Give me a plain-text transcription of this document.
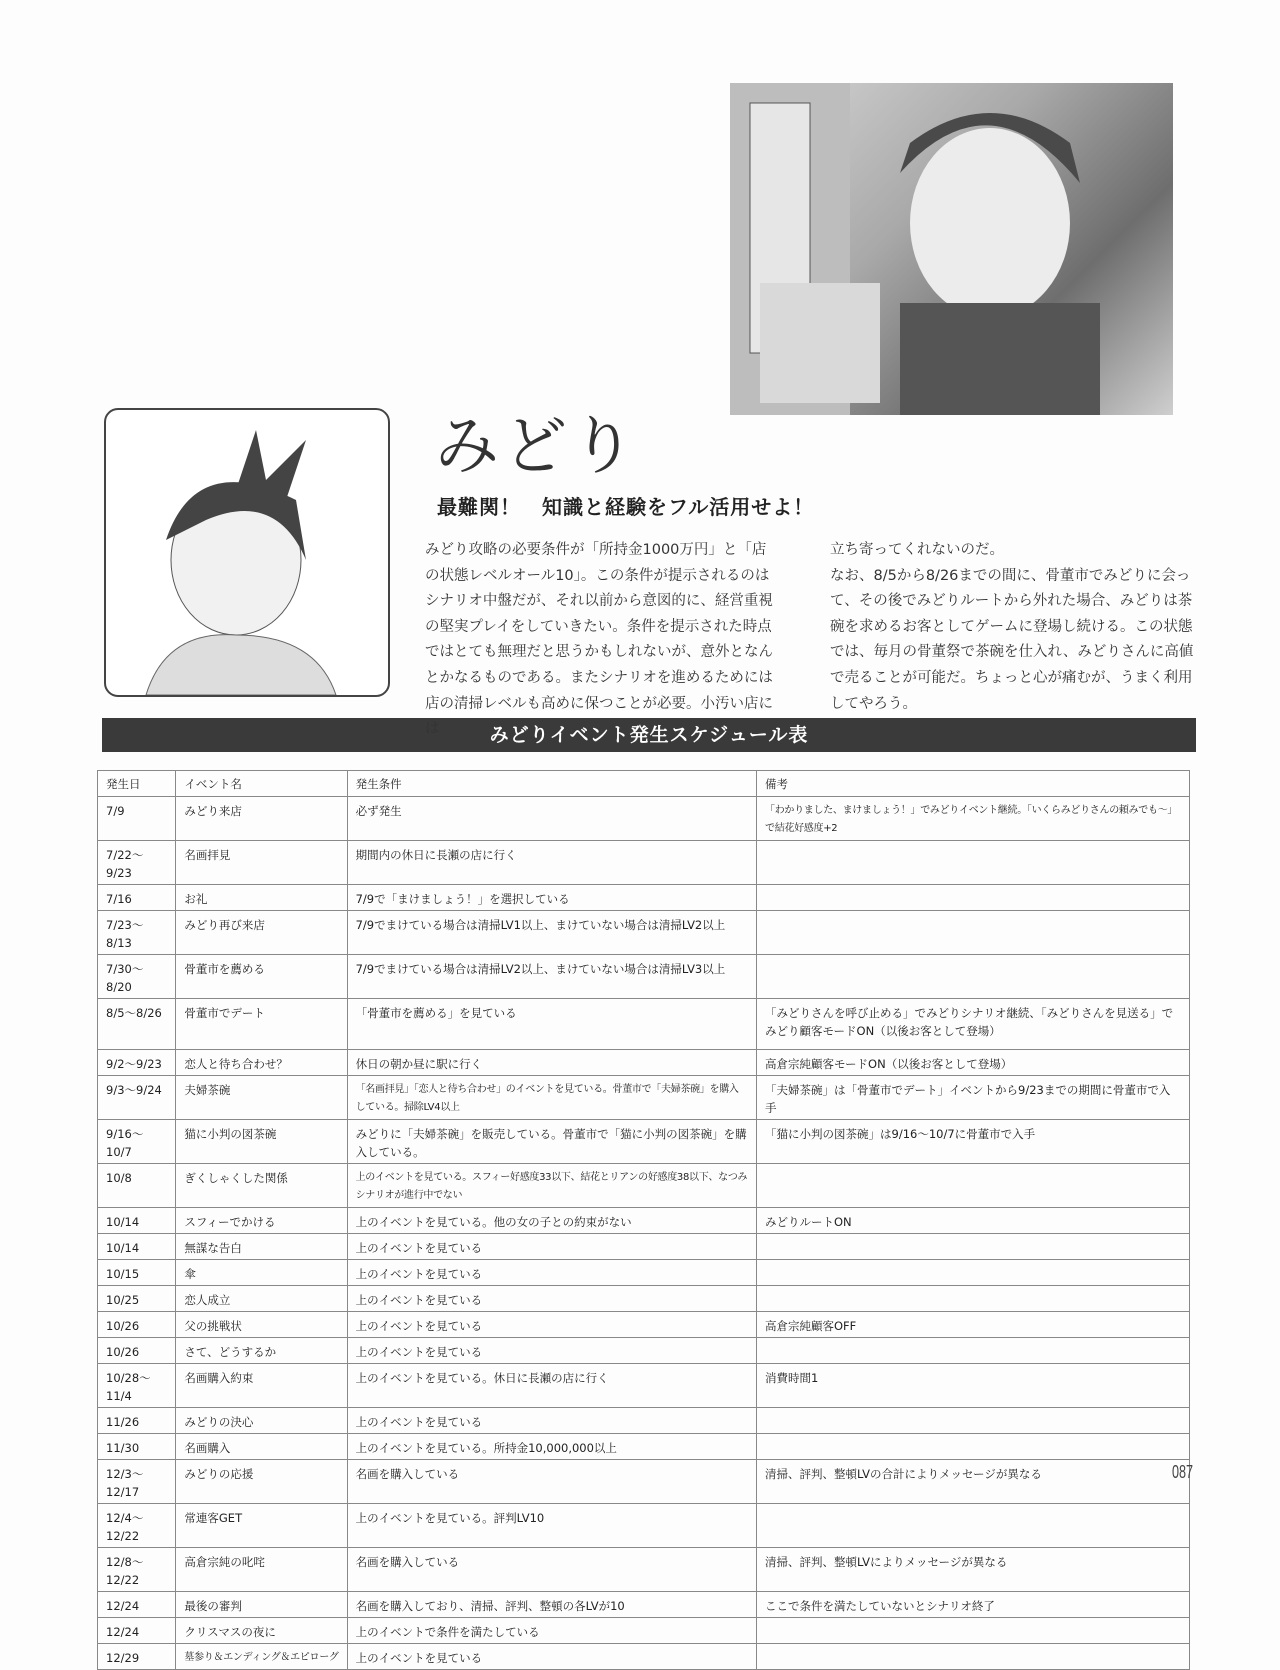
みどり
最難関！　知識と経験をフル活用せよ！
みどり攻略の必要条件が「所持金1000万円」と「店の状態レベルオール10」。この条件が提示されるのはシナリオ中盤だが、それ以前から意図的に、経営重視の堅実プレイをしていきたい。条件を提示された時点ではとても無理だと思うかもしれないが、意外となんとかなるものである。またシナリオを進めるためには店の清掃レベルも高めに保つことが必要。小汚い店には
立ち寄ってくれないのだ。
なお、8/5から8/26までの間に、骨董市でみどりに会って、その後でみどりルートから外れた場合、みどりは茶碗を求めるお客としてゲームに登場し続ける。この状態では、毎月の骨董祭で茶碗を仕入れ、みどりさんに高値で売ることが可能だ。ちょっと心が痛むが、うまく利用してやろう。
みどりイベント発生スケジュール表
発生日	イベント名	発生条件	備考
7/9	みどり来店	必ず発生	「わかりました、まけましょう！」でみどりイベント継続。「いくらみどりさんの頼みでも～」で結花好感度+2
7/22～9/23	名画拝見	期間内の休日に長瀬の店に行く	
7/16	お礼	7/9で「まけましょう！」を選択している	
7/23～8/13	みどり再び来店	7/9でまけている場合は清掃LV1以上、まけていない場合は清掃LV2以上	
7/30～8/20	骨董市を薦める	7/9でまけている場合は清掃LV2以上、まけていない場合は清掃LV3以上	
8/5～8/26	骨董市でデート	「骨董市を薦める」を見ている	「みどりさんを呼び止める」でみどりシナリオ継続、「みどりさんを見送る」でみどり顧客モードON（以後お客として登場）
9/2～9/23	恋人と待ち合わせ？	休日の朝か昼に駅に行く	高倉宗純顧客モードON（以後お客として登場）
9/3～9/24	夫婦茶碗	「名画拝見」「恋人と待ち合わせ」のイベントを見ている。骨董市で「夫婦茶碗」を購入している。掃除LV4以上	「夫婦茶碗」は「骨董市でデート」イベントから9/23までの期間に骨董市で入手
9/16～10/7	猫に小判の図茶碗	みどりに「夫婦茶碗」を販売している。骨董市で「猫に小判の図茶碗」を購入している。	「猫に小判の図茶碗」は9/16～10/7に骨董市で入手
10/8	ぎくしゃくした関係	上のイベントを見ている。スフィー好感度33以下、結花とリアンの好感度38以下、なつみシナリオが進行中でない	
10/14	スフィーでかける	上のイベントを見ている。他の女の子との約束がない	みどりルートON
10/14	無謀な告白	上のイベントを見ている	
10/15	傘	上のイベントを見ている	
10/25	恋人成立	上のイベントを見ている	
10/26	父の挑戦状	上のイベントを見ている	高倉宗純顧客OFF
10/26	さて、どうするか	上のイベントを見ている	
10/28～11/4	名画購入約束	上のイベントを見ている。休日に長瀬の店に行く	消費時間1
11/26	みどりの決心	上のイベントを見ている	
11/30	名画購入	上のイベントを見ている。所持金10,000,000以上	
12/3～12/17	みどりの応援	名画を購入している	清掃、評判、整頓LVの合計によりメッセージが異なる
12/4～12/22	常連客GET	上のイベントを見ている。評判LV10	
12/8～12/22	高倉宗純の叱咤	名画を購入している	清掃、評判、整頓LVによりメッセージが異なる
12/24	最後の審判	名画を購入しており、清掃、評判、整頓の各LVが10	ここで条件を満たしていないとシナリオ終了
12/24	クリスマスの夜に	上のイベントで条件を満たしている	
12/29	墓参り＆エンディング＆エピローグ	上のイベントを見ている	
087
